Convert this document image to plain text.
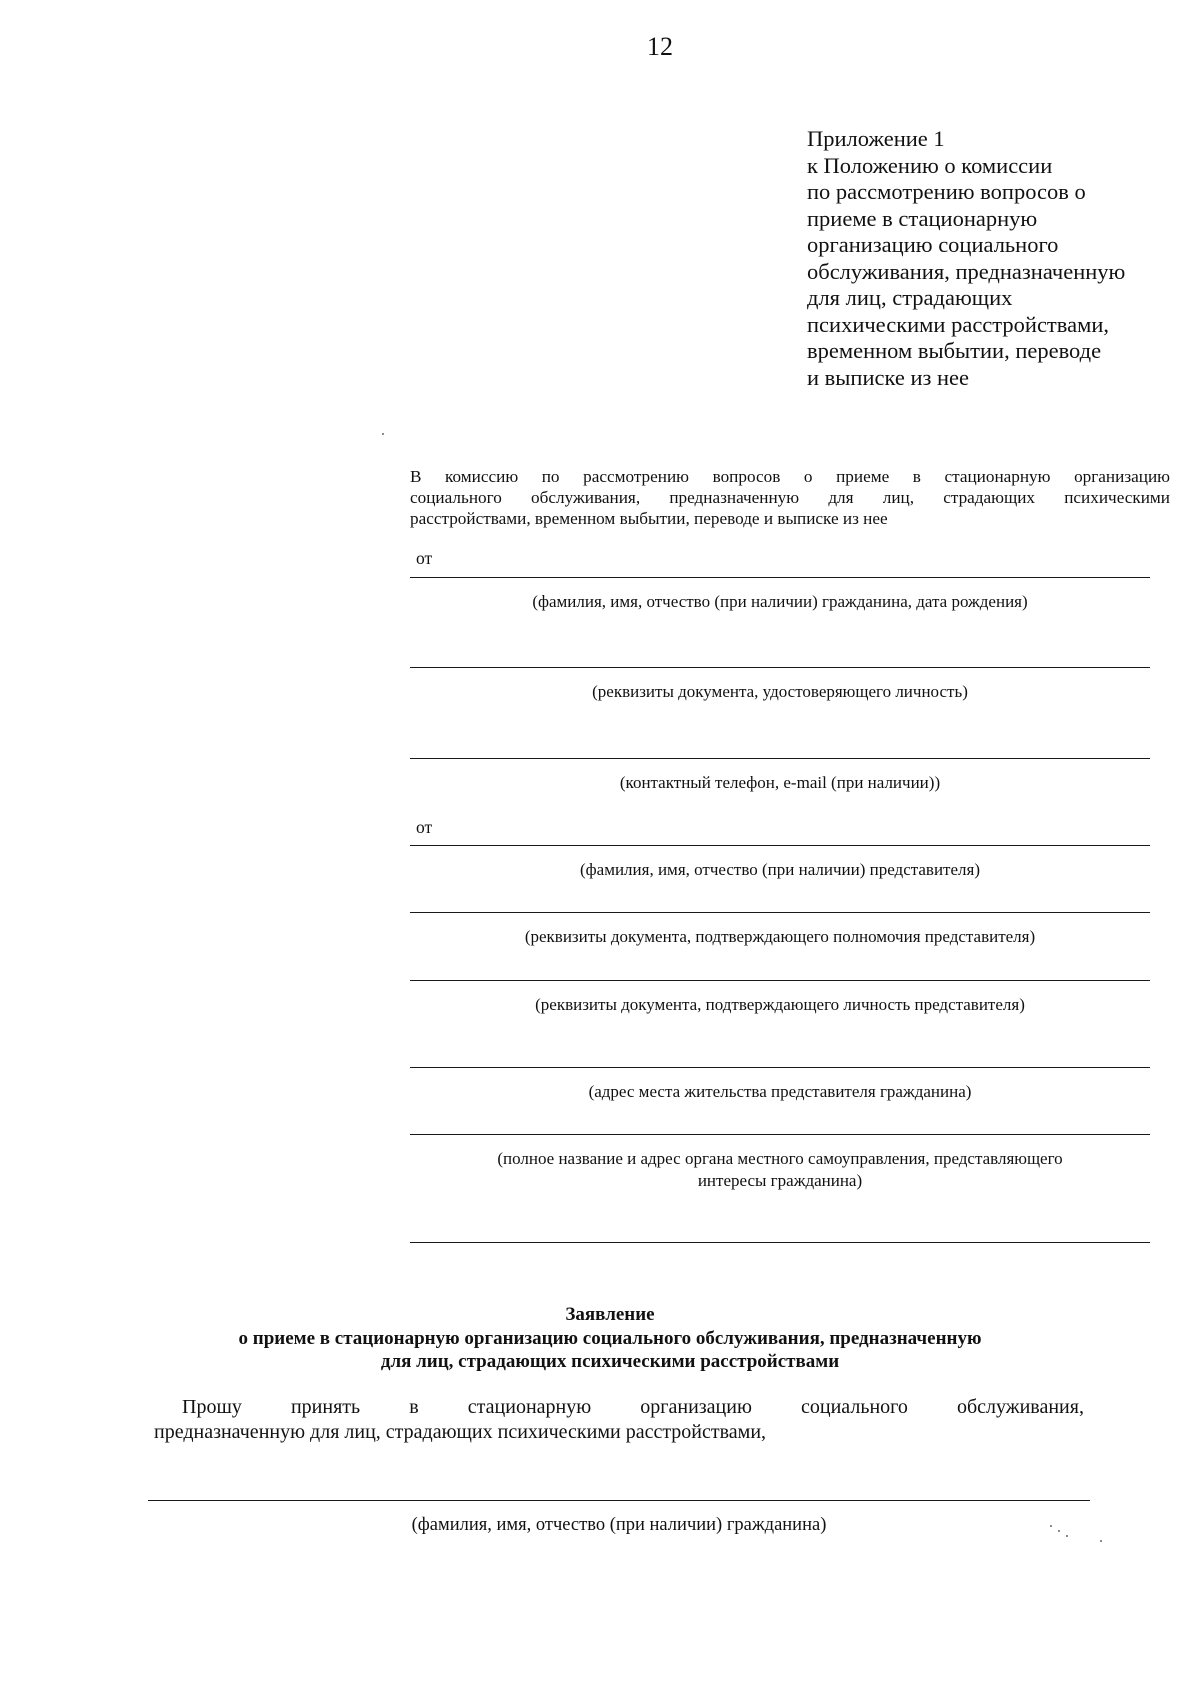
12
Приложение 1
к Положению о комиссии
по рассмотрению вопросов о
приеме в стационарную
организацию социального
обслуживания, предназначенную
для лиц, страдающих
психическими расстройствами,
временном выбытии, переводе
и выписке из нее
В комиссию по рассмотрению вопросов о приеме в стационарную организацию
социального обслуживания, предназначенную для лиц, страдающих психическими
расстройствами, временном выбытии, переводе и выписке из нее
от
(фамилия, имя, отчество (при наличии) гражданина, дата рождения)
(реквизиты документа, удостоверяющего личность)
(контактный телефон, e-mail (при наличии))
от
(фамилия, имя, отчество (при наличии) представителя)
(реквизиты документа, подтверждающего полномочия представителя)
(реквизиты документа, подтверждающего личность представителя)
(адрес места жительства представителя гражданина)
(полное название и адрес органа местного самоуправления, представляющего
интересы гражданина)
Заявление
о приеме в стационарную организацию социального обслуживания, предназначенную
для лиц, страдающих психическими расстройствами
Прошу принять в стационарную организацию социального обслуживания,
предназначенную для лиц, страдающих психическими расстройствами,
(фамилия, имя, отчество (при наличии) гражданина)
